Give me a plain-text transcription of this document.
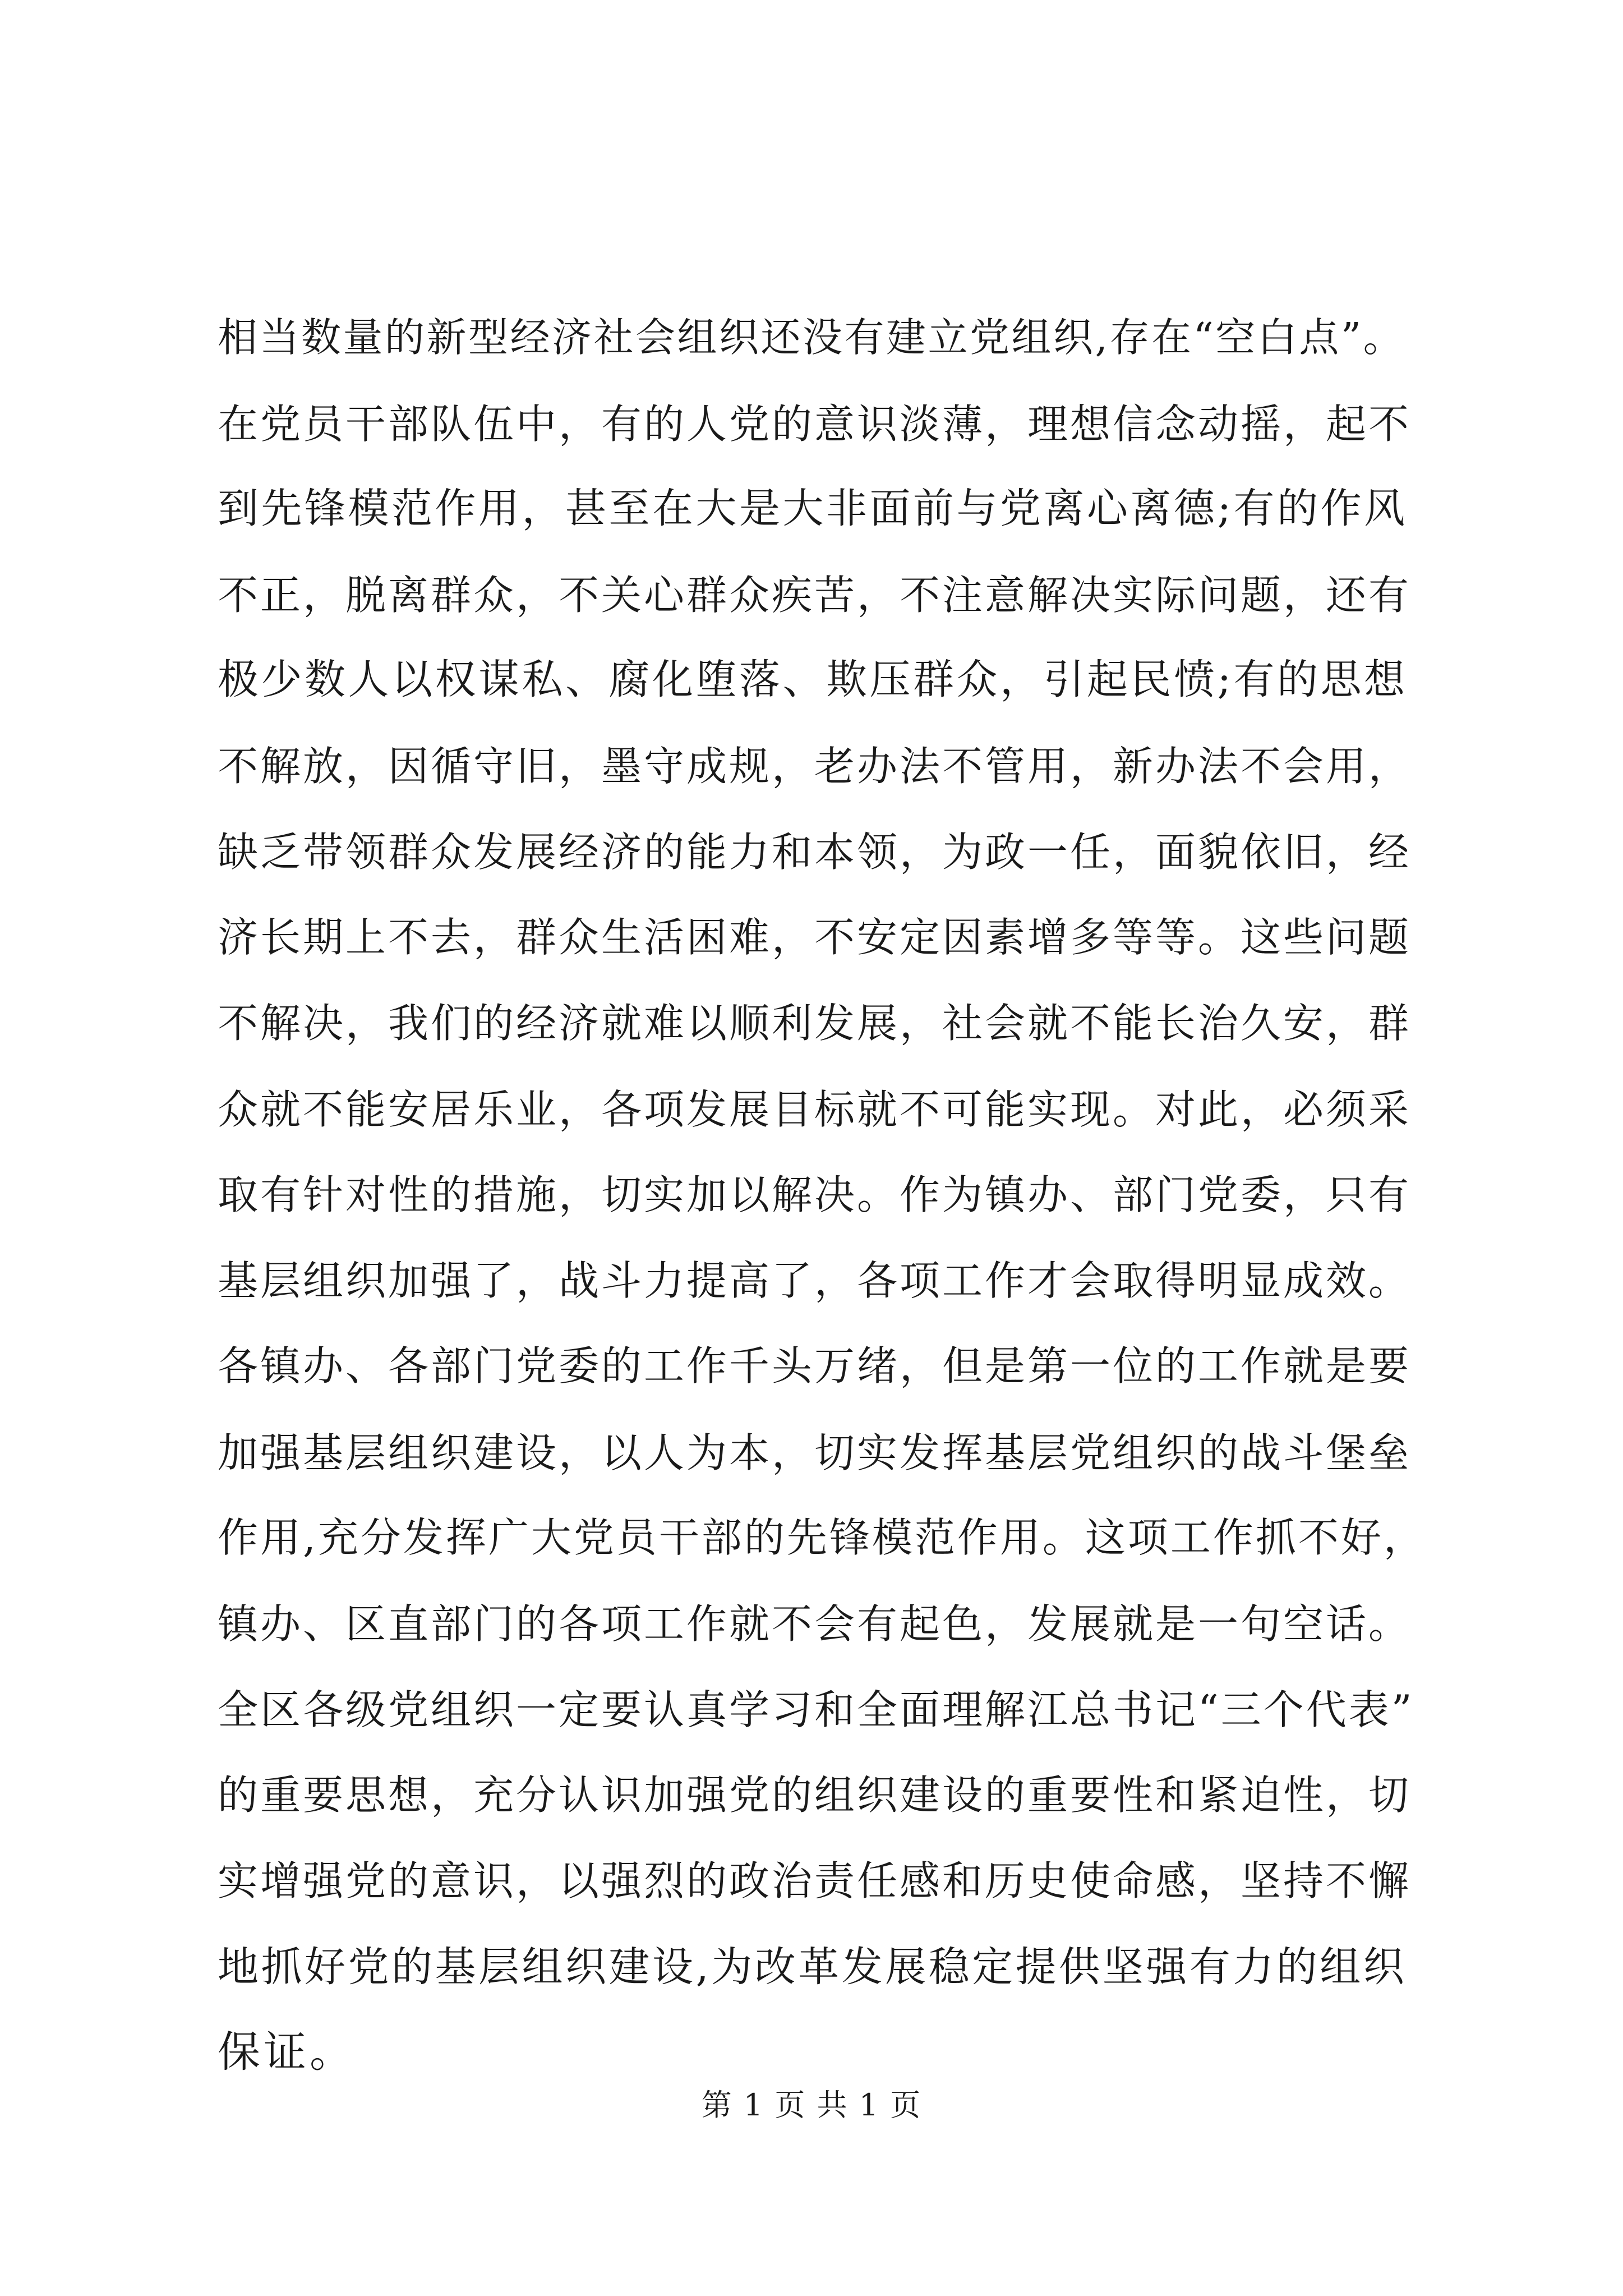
相当数量的新型经济社会组织还没有建立党组织,存在“空白点”。
在党员干部队伍中，有的人党的意识淡薄，理想信念动摇，起不
到先锋模范作用，甚至在大是大非面前与党离心离德;有的作风
不正，脱离群众，不关心群众疾苦，不注意解决实际问题，还有
极少数人以权谋私、腐化堕落、欺压群众，引起民愤;有的思想
不解放，因循守旧，墨守成规，老办法不管用，新办法不会用，
缺乏带领群众发展经济的能力和本领，为政一任，面貌依旧，经
济长期上不去，群众生活困难，不安定因素增多等等。这些问题
不解决，我们的经济就难以顺利发展，社会就不能长治久安，群
众就不能安居乐业，各项发展目标就不可能实现。对此，必须采
取有针对性的措施，切实加以解决。作为镇办、部门党委，只有
基层组织加强了，战斗力提高了，各项工作才会取得明显成效。
各镇办、各部门党委的工作千头万绪，但是第一位的工作就是要
加强基层组织建设，以人为本，切实发挥基层党组织的战斗堡垒
作用,充分发挥广大党员干部的先锋模范作用。这项工作抓不好，
镇办、区直部门的各项工作就不会有起色，发展就是一句空话。
全区各级党组织一定要认真学习和全面理解江总书记“三个代表”
的重要思想，充分认识加强党的组织建设的重要性和紧迫性，切
实增强党的意识，以强烈的政治责任感和历史使命感，坚持不懈
地抓好党的基层组织建设,为改革发展稳定提供坚强有力的组织
保证。
第 1 页 共 1 页
